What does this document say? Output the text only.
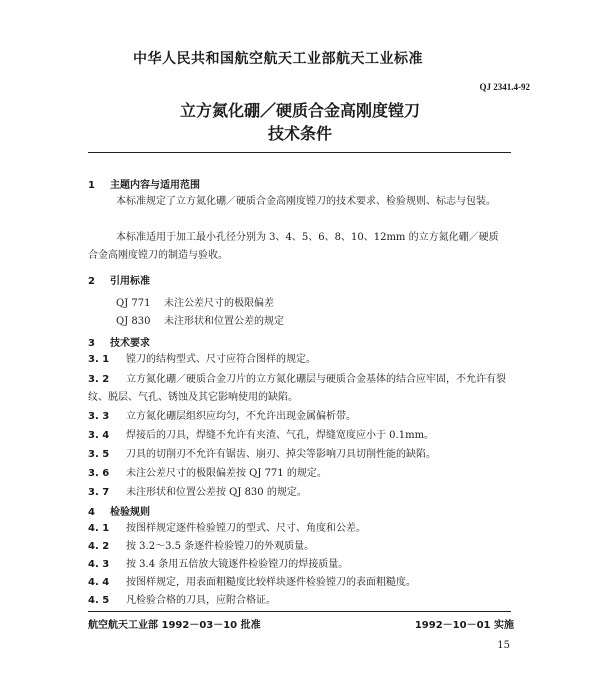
中华人民共和国航空航天工业部航天工业标准
QJ 2341.4-92
立方氮化硼／硬质合金高刚度镗刀
技术条件
1 主题内容与适用范围
本标准规定了立方氮化硼／硬质合金高刚度镗刀的技术要求、检验规则、标志与包装。
本标准适用于加工最小孔径分别为 3、4、5、6、8、10、12mm 的立方氮化硼／硬质合金高刚度镗刀的制造与验收。
2 引用标准
QJ 771 未注公差尺寸的极限偏差
QJ 830 未注形状和位置公差的规定
3 技术要求
3. 1 镗刀的结构型式、尺寸应符合图样的规定。
3. 2 立方氮化硼／硬质合金刀片的立方氮化硼层与硬质合金基体的结合应牢固，不允许有裂纹、脱层、气孔、锈蚀及其它影响使用的缺陷。
3. 3 立方氮化硼层组织应均匀，不允许出现金属偏析带。
3. 4 焊接后的刀具，焊缝不允许有夹渣、气孔，焊缝宽度应小于 0.1mm。
3. 5 刀具的切削刃不允许有锯齿、崩刃、掉尖等影响刀具切削性能的缺陷。
3. 6 未注公差尺寸的极限偏差按 QJ 771 的规定。
3. 7 未注形状和位置公差按 QJ 830 的规定。
4 检验规则
4. 1 按图样规定逐件检验镗刀的型式、尺寸、角度和公差。
4. 2 按 3.2～3.5 条逐件检验镗刀的外观质量。
4. 3 按 3.4 条用五倍放大镜逐件检验镗刀的焊接质量。
4. 4 按图样规定，用表面粗糙度比较样块逐件检验镗刀的表面粗糙度。
4. 5 凡检验合格的刀具，应附合格证。
航空航天工业部 1992－03－10 批准	1992－10－01 实施
15
